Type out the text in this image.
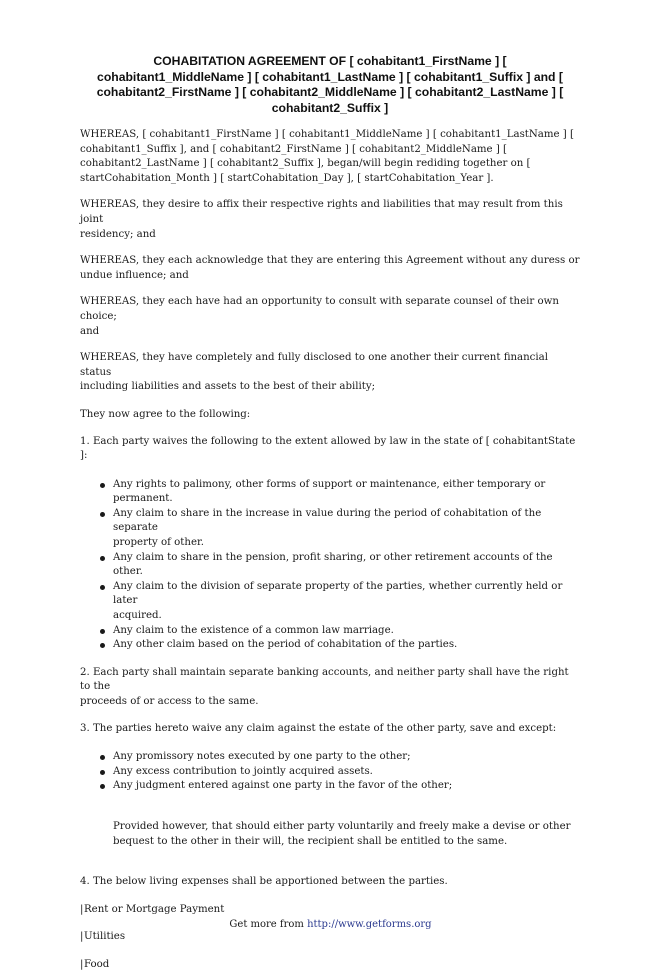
COHABITATION AGREEMENT OF [ cohabitant1_FirstName ] [

cohabitant1_MiddleName ] [ cohabitant1_LastName ] [ cohabitant1_Suffix ] and [

cohabitant2_FirstName ] [ cohabitant2_MiddleName ] [ cohabitant2_LastName ] [

cohabitant2_Suffix ]

WHEREAS, [ cohabitant1_FirstName ] [ cohabitant1_MiddleName ] [ cohabitant1_LastName ] [

cohabitant1_Suffix ], and [ cohabitant2_FirstName ] [ cohabitant2_MiddleName ] [

cohabitant2_LastName ] [ cohabitant2_Suffix ], began/will begin rediding together on [

startCohabitation_Month ] [ startCohabitation_Day ], [ startCohabitation_Year ].

WHEREAS, they desire to affix their respective rights and liabilities that may result from this joint

residency; and

WHEREAS, they each acknowledge that they are entering this Agreement without any duress or

undue influence; and

WHEREAS, they each have had an opportunity to consult with separate counsel of their own choice;

and

WHEREAS, they have completely and fully disclosed to one another their current financial status

including liabilities and assets to the best of their ability;

They now agree to the following:

1. Each party waives the following to the extent allowed by law in the state of [ cohabitantState ]:

Any rights to palimony, other forms of support or maintenance, either temporary or permanent.
Any claim to share in the increase in value during the period of cohabitation of the separate
property of other.
Any claim to share in the pension, profit sharing, or other retirement accounts of the other.
Any claim to the division of separate property of the parties, whether currently held or later
acquired.
Any claim to the existence of a common law marriage.
Any other claim based on the period of cohabitation of the parties.

2. Each party shall maintain separate banking accounts, and neither party shall have the right to the

proceeds of or access to the same.

3. The parties hereto waive any claim against the estate of the other party, save and except:

Any promissory notes executed by one party to the other;
Any excess contribution to jointly acquired assets.
Any judgment entered against one party in the favor of the other;

Provided however, that should either party voluntarily and freely make a devise or other

bequest to the other in their will, the recipient shall be entitled to the same.

4. The below living expenses shall be apportioned between the parties.

|Rent or Mortgage Payment

|Utilities

|Food

Get more from http://www.getforms.org
